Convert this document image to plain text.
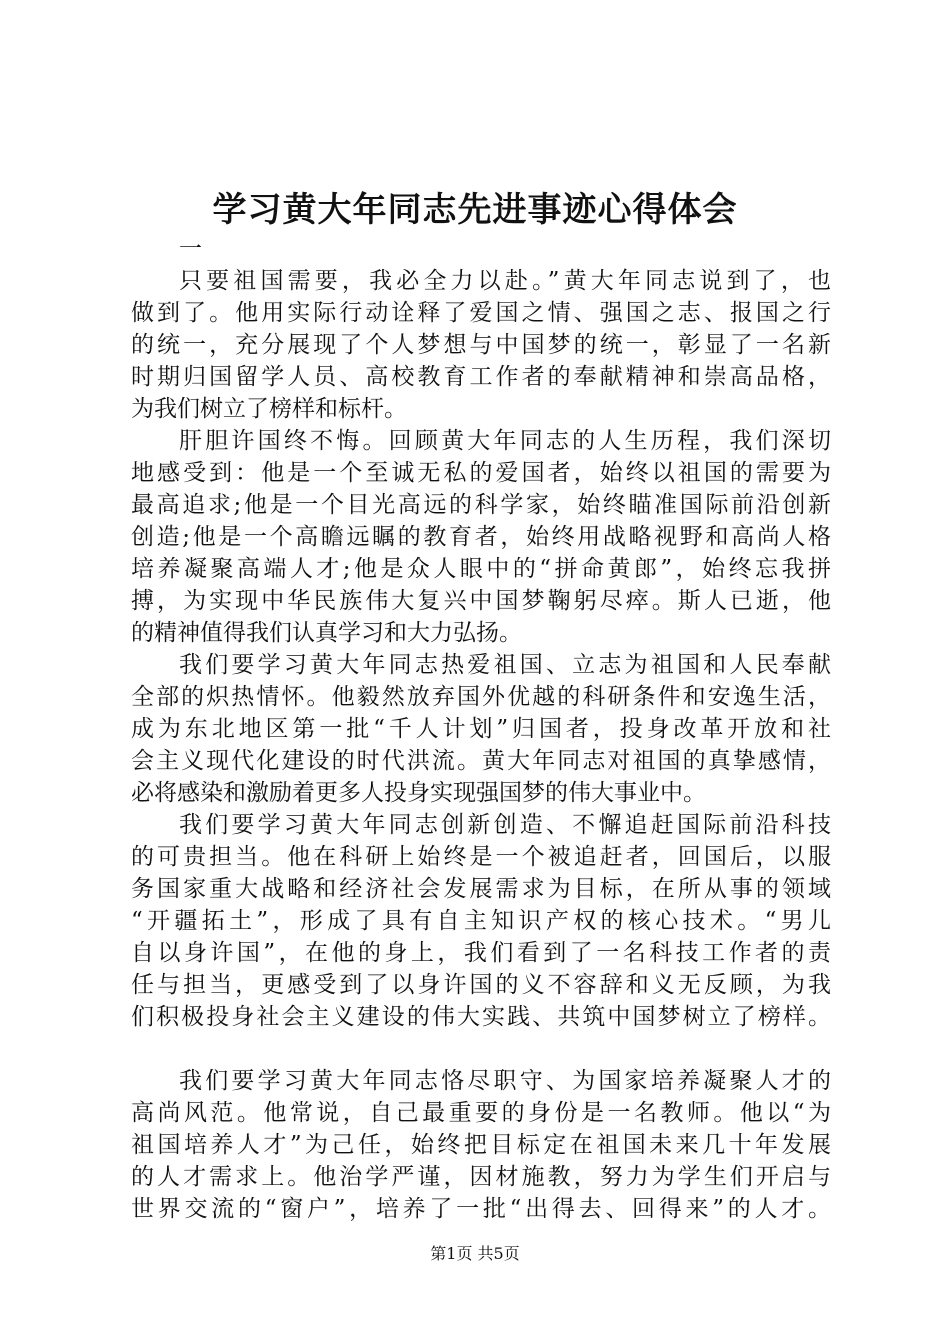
学习黄大年同志先进事迹心得体会
一
只要祖国需要，我必全力以赴。”黄大年同志说到了，也
做到了。他用实际行动诠释了爱国之情、强国之志、报国之行
的统一，充分展现了个人梦想与中国梦的统一，彰显了一名新
时期归国留学人员、高校教育工作者的奉献精神和崇高品格，
为我们树立了榜样和标杆。
肝胆许国终不悔。回顾黄大年同志的人生历程，我们深切
地感受到：他是一个至诚无私的爱国者，始终以祖国的需要为
最高追求;他是一个目光高远的科学家，始终瞄准国际前沿创新
创造;他是一个高瞻远瞩的教育者，始终用战略视野和高尚人格
培养凝聚高端人才;他是众人眼中的“拼命黄郎”，始终忘我拼
搏，为实现中华民族伟大复兴中国梦鞠躬尽瘁。斯人已逝，他
的精神值得我们认真学习和大力弘扬。
我们要学习黄大年同志热爱祖国、立志为祖国和人民奉献
全部的炽热情怀。他毅然放弃国外优越的科研条件和安逸生活，
成为东北地区第一批“千人计划”归国者，投身改革开放和社
会主义现代化建设的时代洪流。黄大年同志对祖国的真挚感情，
必将感染和激励着更多人投身实现强国梦的伟大事业中。
我们要学习黄大年同志创新创造、不懈追赶国际前沿科技
的可贵担当。他在科研上始终是一个被追赶者，回国后，以服
务国家重大战略和经济社会发展需求为目标，在所从事的领域
“开疆拓土”，形成了具有自主知识产权的核心技术。“男儿
自以身许国”，在他的身上，我们看到了一名科技工作者的责
任与担当，更感受到了以身许国的义不容辞和义无反顾，为我
们积极投身社会主义建设的伟大实践、共筑中国梦树立了榜样。
我们要学习黄大年同志恪尽职守、为国家培养凝聚人才的
高尚风范。他常说，自己最重要的身份是一名教师。他以“为
祖国培养人才”为己任，始终把目标定在祖国未来几十年发展
的人才需求上。他治学严谨，因材施教，努力为学生们开启与
世界交流的“窗户”，培养了一批“出得去、回得来”的人才。
第1页 共5页
